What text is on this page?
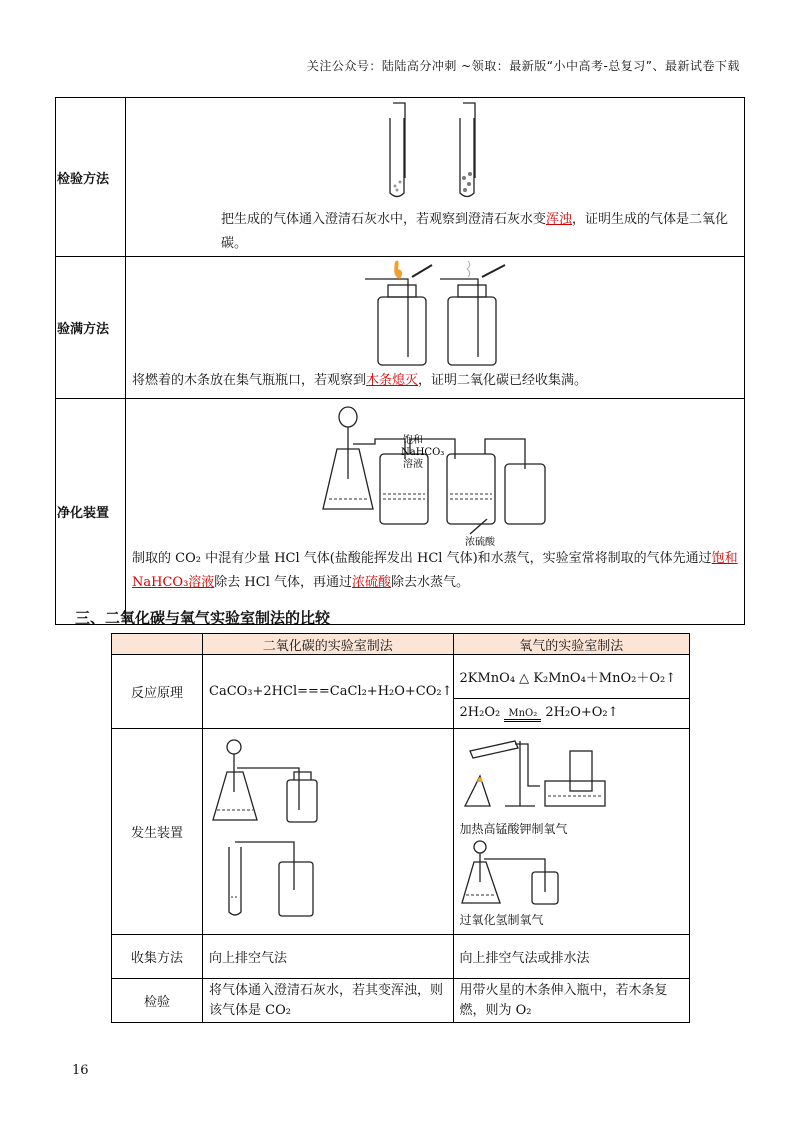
关注公众号：陆陆高分冲刺 ~领取：最新版“小中高考-总复习”、最新试卷下载
检验方法	把生成的气体通入澄清石灰水中，若观察到澄清石灰水变浑浊，证明生成的气体是二氧化碳。

验满方法	将燃着的木条放在集气瓶瓶口，若观察到木条熄灭，证明二氧化碳已经收集满。

净化装置	饱和
NaHCO₃
溶液
浓硫酸
制取的 CO₂ 中混有少量 HCl 气体(盐酸能挥发出 HCl 气体)和水蒸气，实验室常将制取的气体先通过饱和 NaHCO₃溶液除去 HCl 气体，再通过浓硫酸除去水蒸气。
三、二氧化碳与氧气实验室制法的比较
	二氧化碳的实验室制法	氧气的实验室制法
反应原理	CaCO₃+2HCl===CaCl₂+H₂O+CO₂↑	2KMnO₄ △ K₂MnO₄＋MnO₂＋O₂↑
		2H₂O₂ MnO₂ 2H₂O+O₂↑
发生装置		加热高锰酸钾制氧气
过氧化氢制氧气

收集方法	向上排空气法	向上排空气法或排水法
检验	将气体通入澄清石灰水，若其变浑浊，则该气体是 CO₂	用带火星的木条伸入瓶中，若木条复燃，则为 O₂
16
